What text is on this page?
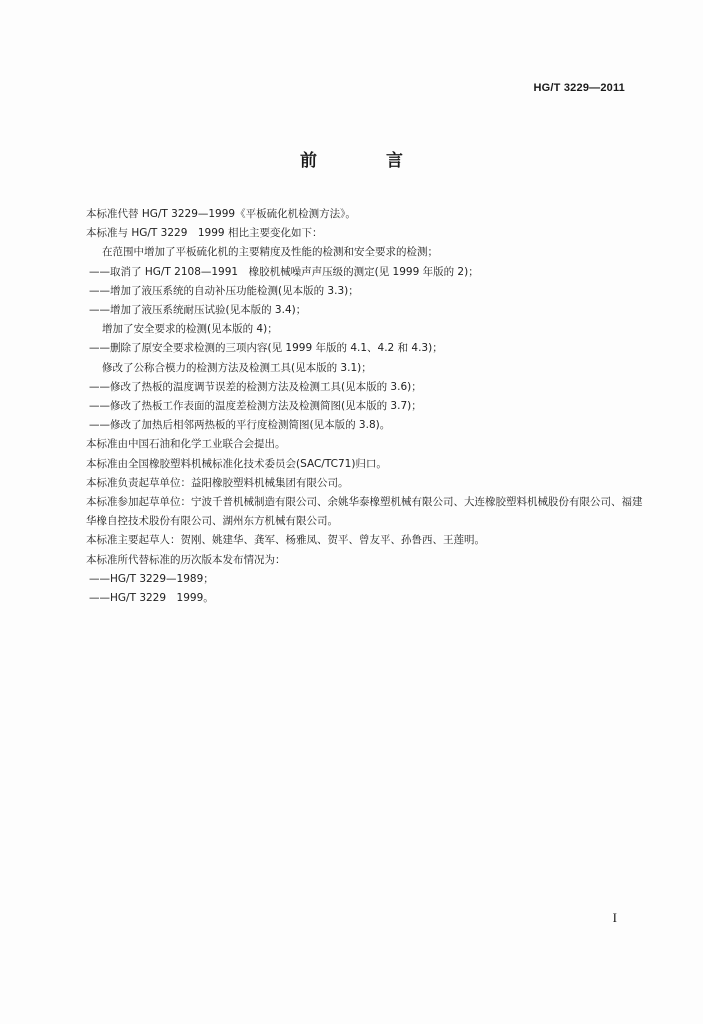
HG/T 3229—2011
前　言

本标准代替 HG/T 3229—1999《平板硫化机检测方法》。

本标准与 HG/T 3229　1999 相比主要变化如下：

在范围中增加了平板硫化机的主要精度及性能的检测和安全要求的检测；

——取消了 HG/T 2108—1991　橡胶机械噪声声压级的测定(见 1999 年版的 2)；

——增加了液压系统的自动补压功能检测(见本版的 3.3)；

——增加了液压系统耐压试验(见本版的 3.4)；

增加了安全要求的检测(见本版的 4)；

——删除了原安全要求检测的三项内容(见 1999 年版的 4.1、4.2 和 4.3)；

修改了公称合模力的检测方法及检测工具(见本版的 3.1)；

——修改了热板的温度调节误差的检测方法及检测工具(见本版的 3.6)；

——修改了热板工作表面的温度差检测方法及检测简图(见本版的 3.7)；

——修改了加热后相邻两热板的平行度检测简图(见本版的 3.8)。

本标准由中国石油和化学工业联合会提出。

本标准由全国橡胶塑料机械标准化技术委员会(SAC/TC71)归口。

本标准负责起草单位：益阳橡胶塑料机械集团有限公司。

本标准参加起草单位：宁波千普机械制造有限公司、余姚华泰橡塑机械有限公司、大连橡胶塑料机械股份有限公司、福建华橡自控技术股份有限公司、湖州东方机械有限公司。

本标准主要起草人：贺刚、姚建华、龚军、杨雅凤、贺平、曾友平、孙鲁西、王莲明。

本标准所代替标准的历次版本发布情况为：

——HG/T 3229—1989；

——HG/T 3229　1999。

I
